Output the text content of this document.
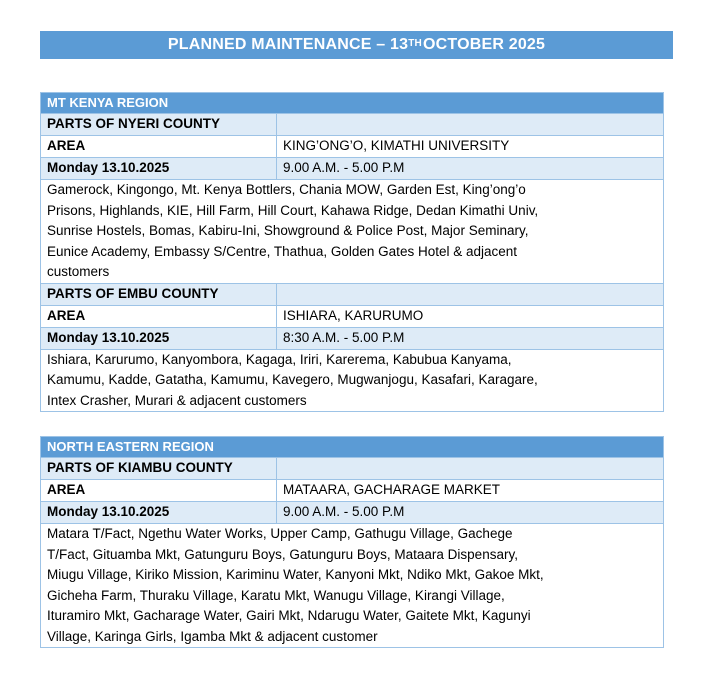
PLANNED MAINTENANCE – 13TH OCTOBER 2025
MT KENYA REGION
PARTS OF NYERI COUNTY
AREA	KING’ONG’O, KIMATHI UNIVERSITY
Monday 13.10.2025	9.00 A.M. - 5.00 P.M
Gamerock, Kingongo, Mt. Kenya Bottlers, Chania MOW, Garden Est, King’ong’o
Prisons, Highlands, KIE, Hill Farm, Hill Court, Kahawa Ridge, Dedan Kimathi Univ,
Sunrise Hostels, Bomas, Kabiru-Ini, Showground & Police Post, Major Seminary,
Eunice Academy, Embassy S/Centre, Thathua, Golden Gates Hotel & adjacent
customers
PARTS OF EMBU COUNTY
AREA	ISHIARA, KARURUMO
Monday 13.10.2025	8:30 A.M. - 5.00 P.M
Ishiara, Karurumo, Kanyombora, Kagaga, Iriri, Karerema, Kabubua Kanyama,
Kamumu, Kadde, Gatatha, Kamumu, Kavegero, Mugwanjogu, Kasafari, Karagare,
Intex Crasher, Murari & adjacent customers
NORTH EASTERN REGION
PARTS OF KIAMBU COUNTY
AREA	MATAARA, GACHARAGE MARKET
Monday 13.10.2025	9.00 A.M. - 5.00 P.M
Matara T/Fact, Ngethu Water Works, Upper Camp, Gathugu Village, Gachege
T/Fact, Gituamba Mkt, Gatunguru Boys, Gatunguru Boys, Mataara Dispensary,
Miugu Village, Kiriko Mission, Kariminu Water, Kanyoni Mkt, Ndiko Mkt, Gakoe Mkt,
Gicheha Farm, Thuraku Village, Karatu Mkt, Wanugu Village, Kirangi Village,
Ituramiro Mkt, Gacharage Water, Gairi Mkt, Ndarugu Water, Gaitete Mkt, Kagunyi
Village, Karinga Girls, Igamba Mkt & adjacent customer
